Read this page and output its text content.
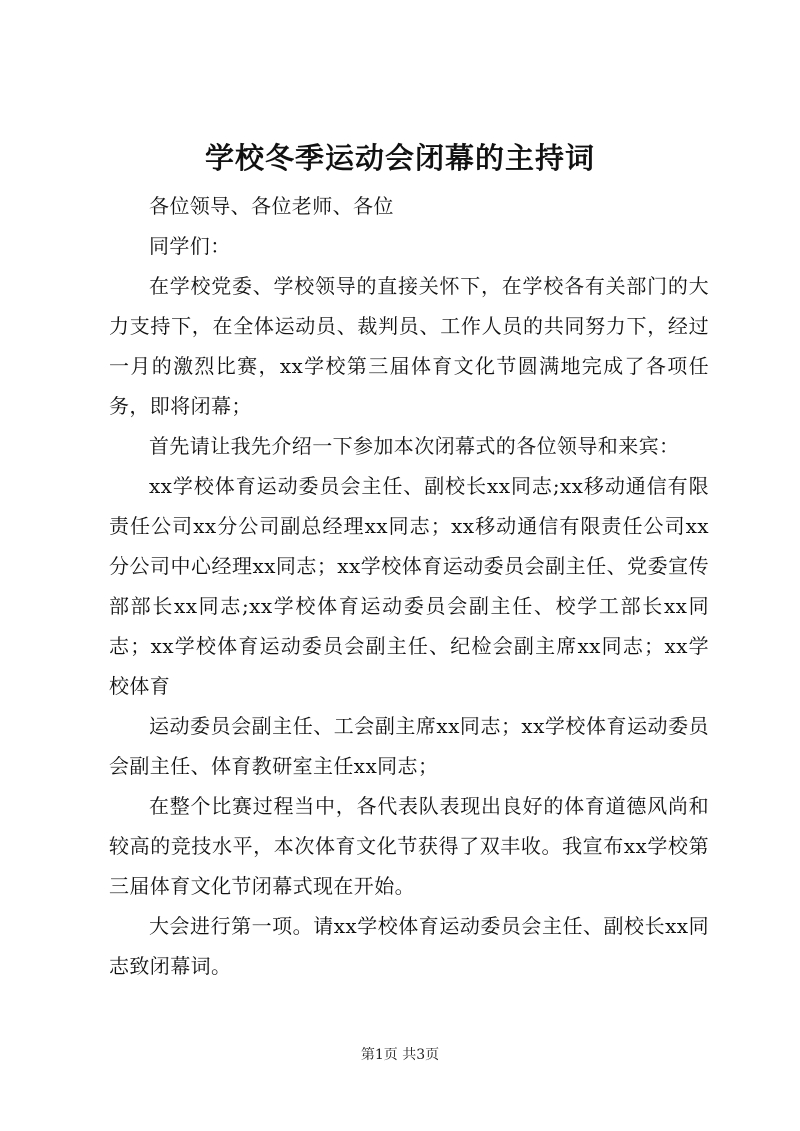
学校冬季运动会闭幕的主持词

各位领导、各位老师、各位

同学们：

在学校党委、学校领导的直接关怀下，在学校各有关部门的大力支持下，在全体运动员、裁判员、工作人员的共同努力下，经过一月的激烈比赛，xx学校第三届体育文化节圆满地完成了各项任务，即将闭幕；

首先请让我先介绍一下参加本次闭幕式的各位领导和来宾：

xx学校体育运动委员会主任、副校长xx同志;xx移动通信有限责任公司xx分公司副总经理xx同志；xx移动通信有限责任公司xx分公司中心经理xx同志；xx学校体育运动委员会副主任、党委宣传部部长xx同志;xx学校体育运动委员会副主任、校学工部长xx同志；xx学校体育运动委员会副主任、纪检会副主席xx同志；xx学校体育

运动委员会副主任、工会副主席xx同志；xx学校体育运动委员会副主任、体育教研室主任xx同志；

在整个比赛过程当中，各代表队表现出良好的体育道德风尚和较高的竞技水平，本次体育文化节获得了双丰收。我宣布xx学校第三届体育文化节闭幕式现在开始。

大会进行第一项。请xx学校体育运动委员会主任、副校长xx同志致闭幕词。

第1页 共3页
